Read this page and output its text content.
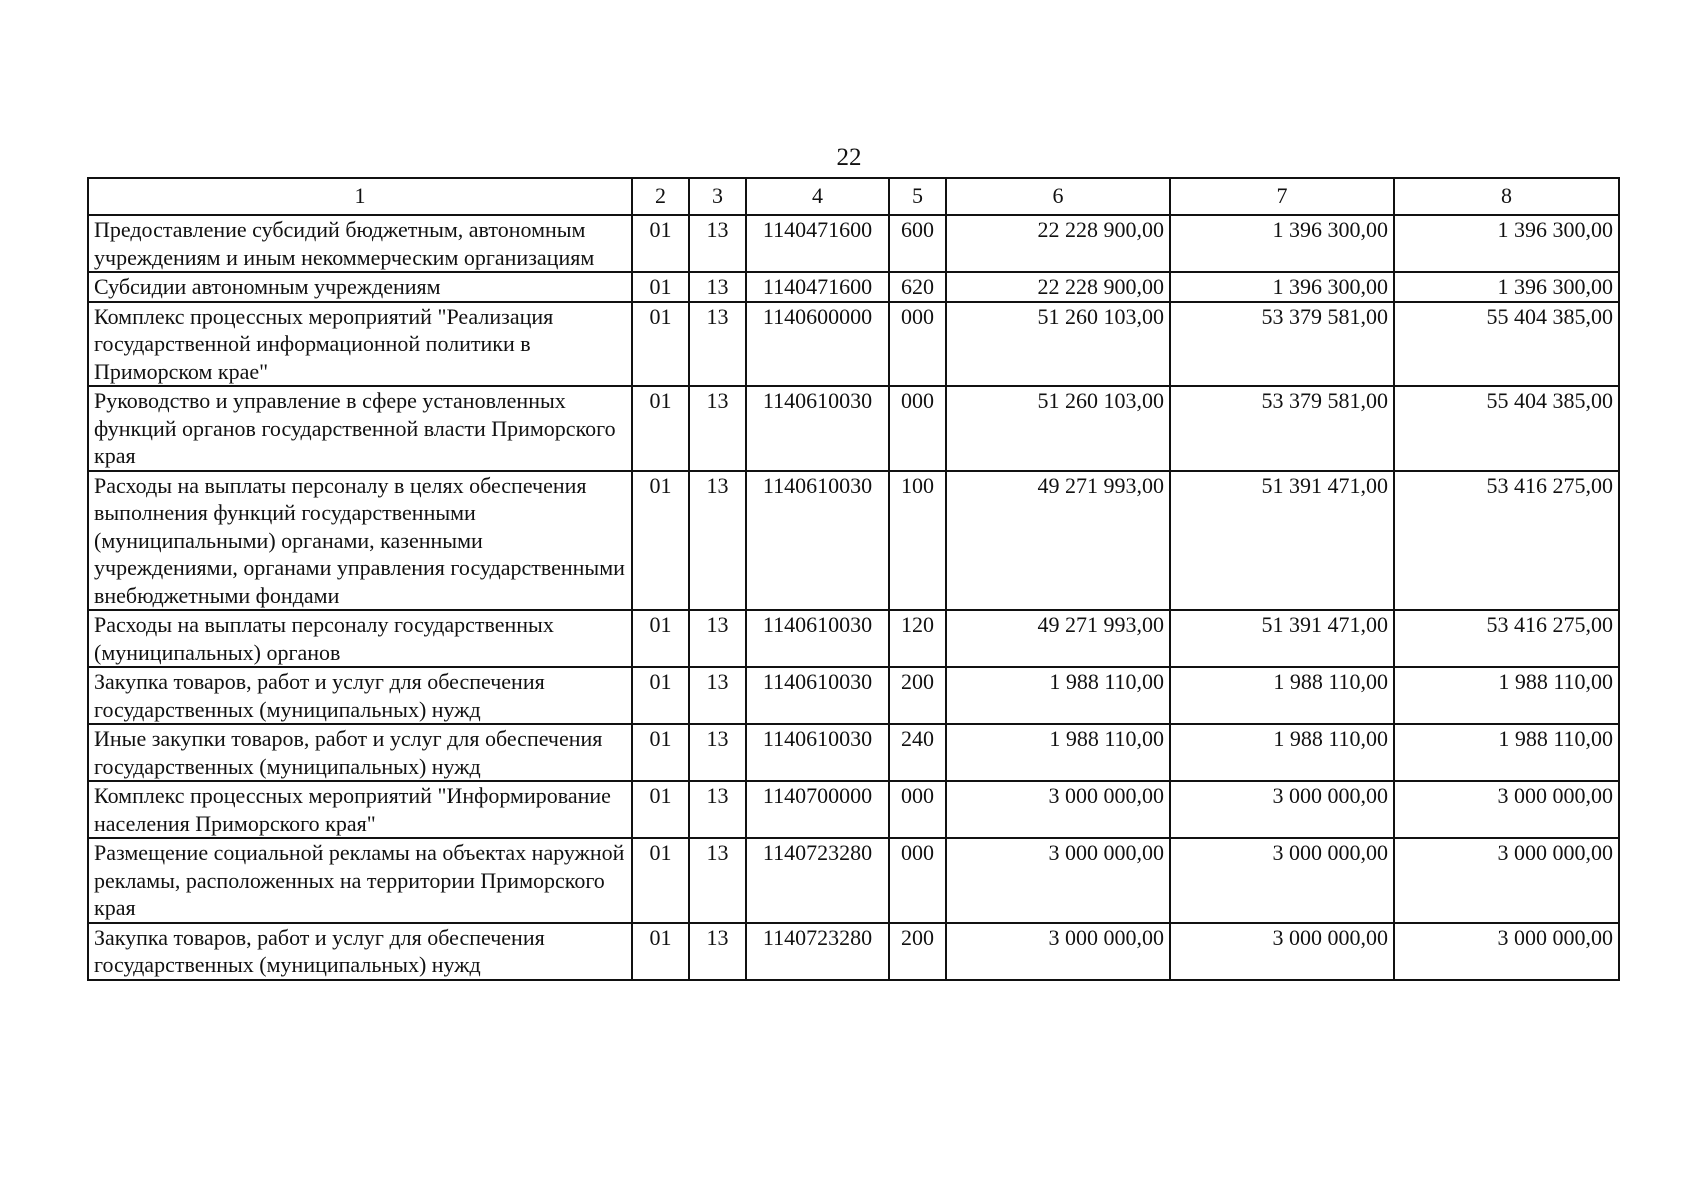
22
1	2	3	4	5	6	7	8
Предоставление субсидий бюджетным, автономным учреждениям и иным некоммерческим организациям	01	13	1140471600	600	22 228 900,00	1 396 300,00	1 396 300,00
Субсидии автономным учреждениям	01	13	1140471600	620	22 228 900,00	1 396 300,00	1 396 300,00
Комплекс процессных мероприятий "Реализация государственной информационной политики в Приморском крае"	01	13	1140600000	000	51 260 103,00	53 379 581,00	55 404 385,00
Руководство и управление в сфере установленных функций органов государственной власти Приморского края	01	13	1140610030	000	51 260 103,00	53 379 581,00	55 404 385,00
Расходы на выплаты персоналу в целях обеспечения выполнения функций государственными (муниципальными) органами, казенными учреждениями, органами управления государственными внебюджетными фондами	01	13	1140610030	100	49 271 993,00	51 391 471,00	53 416 275,00
Расходы на выплаты персоналу государственных (муниципальных) органов	01	13	1140610030	120	49 271 993,00	51 391 471,00	53 416 275,00
Закупка товаров, работ и услуг для обеспечения государственных (муниципальных) нужд	01	13	1140610030	200	1 988 110,00	1 988 110,00	1 988 110,00
Иные закупки товаров, работ и услуг для обеспечения государственных (муниципальных) нужд	01	13	1140610030	240	1 988 110,00	1 988 110,00	1 988 110,00
Комплекс процессных мероприятий "Информирование населения Приморского края"	01	13	1140700000	000	3 000 000,00	3 000 000,00	3 000 000,00
Размещение социальной рекламы на объектах наружной рекламы, расположенных на территории Приморского края	01	13	1140723280	000	3 000 000,00	3 000 000,00	3 000 000,00
Закупка товаров, работ и услуг для обеспечения государственных (муниципальных) нужд	01	13	1140723280	200	3 000 000,00	3 000 000,00	3 000 000,00
